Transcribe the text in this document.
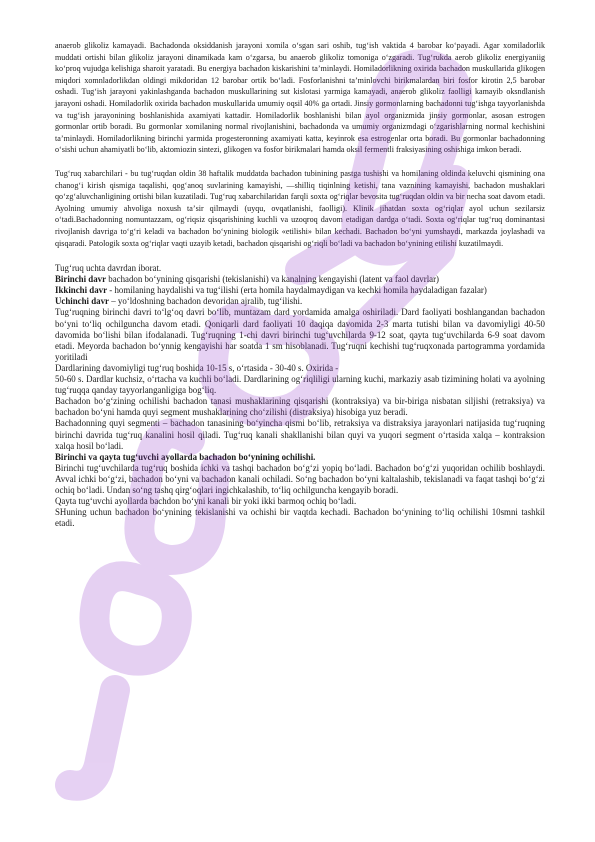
anaerob glikoliz kamayadi. Bachadonda oksiddanish jarayoni xomila oʻsgan sari oshib, tugʻish vaktida 4 barobar koʻpayadi. Agar xomiladorlik muddati ortishi bilan glikoliz jarayoni dinamikada kam oʻzgarsa, bu anaerob glikoliz tomoniga oʻzgaradi. Tugʻrukda aerob glikoliz energiyaniig koʻproq vujudga kelishiga sharoit yaratadi. Bu energiya bachadon kiskarishini taʼminlaydi. Homiladorlikning oxirida bachadon muskullarida glikogen miqdori xomnladorlikdan oldingi mikdoridan 12 barobar ortik boʻladi. Fosforlanishni taʼminlovchi birikmalardan biri fosfor kirotin 2,5 barobar oshadi. Tugʻish jarayoni yakinlashganda bachadon muskullarining sut kislotasi yarmiga kamayadi, anaerob glikoliz faolligi kamayib oksndlanish jarayoni oshadi. Homiladorlik oxirida bachadon muskullarida umumiy oqsil 40% ga ortadi. Jinsiy gormonlarning bachadonni tugʻishga tayyorlanishda va tugʻish jarayonining boshlanishida axamiyati kattadir. Homiladorlik boshlanishi bilan ayol organizmida jinsiy gormonlar, asosan estrogen gormonlar ortib boradi. Bu gormonlar xomilaning normal rivojlanishini, bachadonda va umumiy organizmdagi oʻzgarishlarning normal kechishini taʼminlaydi. Homiladorlikning birinchi yarmida progesteronning axamiyati katta, keyinrok esa estrogenlar orta boradi. Bu gormonlar bachadonning oʻsishi uchun ahamiyatli boʻlib, aktomiozin sintezi, glikogen va fosfor birikmalari hamda oksil fermentli fraksiyasining oshishiga imkon beradi.

Tugʻruq xabarchilari - bu tugʻruqdan oldin 38 haftalik muddatda bachadon tubinining pastga tushishi va homilaning oldinda keluvchi qismining ona chanogʻi kirish qismiga taqalishi, qogʻanoq suvlarining kamayishi, ―shilliq tiqinlning ketishi, tana vaznining kamayishi, bachadon mushaklari qoʻzgʻaluvchanligining ortishi bilan kuzatiladi. Tugʻruq xabarchilaridan farqli soxta ogʻriqlar bevosita tugʻruqdan oldin va bir necha soat davom etadi. Ayolning umumiy ahvoliga noxush taʼsir qilmaydi (uyqu, ovqatlanishi, faolligi). Klinik jihatdan soxta ogʻriqlar ayol uchun sezilarsiz oʻtadi.Bachadonning nomuntazzam, ogʻriqsiz qisqarishining kuchli va uzoqroq davom etadigan dardga oʻtadi. Soxta ogʻriqlar tugʻruq dominantasi rivojlanish davriga toʻgʻri keladi va bachadon boʻynining biologik «etilishi» bilan kechadi. Bachadon boʻyni yumshaydi, markazda joylashadi va qisqaradi. Patologik soxta ogʻriqlar vaqti uzayib ketadi, bachadon qisqarishi ogʻriqli boʻladi va bachadon boʻynining etilishi kuzatilmaydi.

Tugʻruq uchta davrdan iborat.

Birinchi davr bachadon boʻynining qisqarishi (tekislanishi) va kanalning kengayishi (latent va faol davrlar)

Ikkinchi davr - homilaning haydalishi va tugʻilishi (erta homila haydalmaydigan va kechki homila haydaladigan fazalar)

Uchinchi davr – yoʻldoshning bachadon devoridan ajralib, tugʻilishi.

Tugʻruqning birinchi davri toʻlgʻoq davri boʻlib, muntazam dard yordamida amalga oshiriladi. Dard faoliyati boshlangandan bachadon boʻyni toʻliq ochilguncha davom etadi. Qoniqarli dard faoliyati 10 daqiqa davomida 2-3 marta tutishi bilan va davomiyligi 40-50 davomida boʻlishi bilan ifodalanadi. Tugʻruqning 1-chi davri birinchi tugʻuvchilarda 9-12 soat, qayta tugʻuvchilarda 6-9 soat davom etadi. Meyorda bachadon boʻynnig kengayishi har soatda 1 sm hisoblanadi. Tugʻruqni kechishi tugʻruqxonada partogramma yordamida yoritiladi

Dardlarining davomiyligi tugʻruq boshida 10-15 s, oʻrtasida - 30-40 s. Oxirida -

50-60 s. Dardlar kuchsiz, oʻrtacha va kuchli boʻladi. Dardlarining ogʻriqliligi ularning kuchi, markaziy asab tizimining holati va ayolning tugʻruqqa qanday tayyorlanganligiga bogʻliq.

Bachadon boʻgʻzining ochilishi bachadon tanasi mushaklarining qisqarishi (kontraksiya) va bir-biriga nisbatan siljishi (retraksiya) va bachadon boʻyni hamda quyi segment mushaklarining choʻzilishi (distraksiya) hisobiga yuz beradi.

Bachadonning quyi segmenti – bachadon tanasining boʻyincha qismi boʻlib, retraksiya va distraksiya jarayonlari natijasida tugʻruqning birinchi davrida tugʻruq kanalini hosil qiladi. Tugʻruq kanali shakllanishi bilan quyi va yuqori segment oʻrtasida xalqa – kontraksion xalqa hosil boʻladi.

Birinchi va qayta tugʻuvchi ayollarda bachadon boʻynining ochilishi.

Birinchi tugʻuvchilarda tugʻruq boshida ichki va tashqi bachadon boʻgʻzi yopiq boʻladi. Bachadon boʻgʻzi yuqoridan ochilib boshlaydi. Avval ichki boʻgʻzi, bachadon boʻyni va bachadon kanali ochiladi. Soʻng bachadon boʻyni kaltalashib, tekislanadi va faqat tashqi boʻgʻzi ochiq boʻladi. Undan soʻng tashq qirgʻoqlari ingichkalashib, toʻliq ochilguncha kengayib boradi.

Qayta tugʻuvchi ayollarda bachdon boʻyni kanali bir yoki ikki barmoq ochiq boʻladi.

SHuning uchun bachadon boʻynining tekislanishi va ochishi bir vaqtda kechadi. Bachadon boʻynining toʻliq ochilishi 10smni tashkil etadi.
